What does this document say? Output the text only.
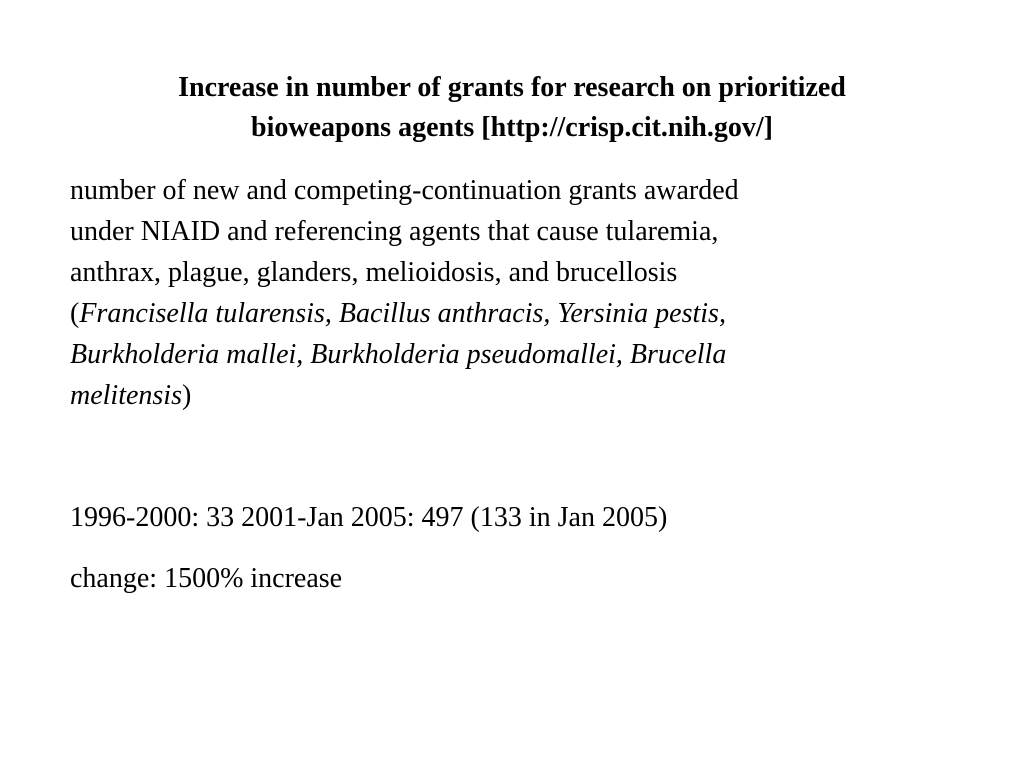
Increase in number of grants for research on prioritized
bioweapons agents [http://crisp.cit.nih.gov/]
number of new and competing-continuation grants awarded
under NIAID and referencing agents that cause tularemia,
anthrax, plague, glanders, melioidosis, and brucellosis
(Francisella tularensis, Bacillus anthracis, Yersinia pestis,
Burkholderia mallei, Burkholderia pseudomallei, Brucella
melitensis)

1996-2000: 33 2001-Jan 2005: 497 (133 in Jan 2005)

change: 1500% increase
